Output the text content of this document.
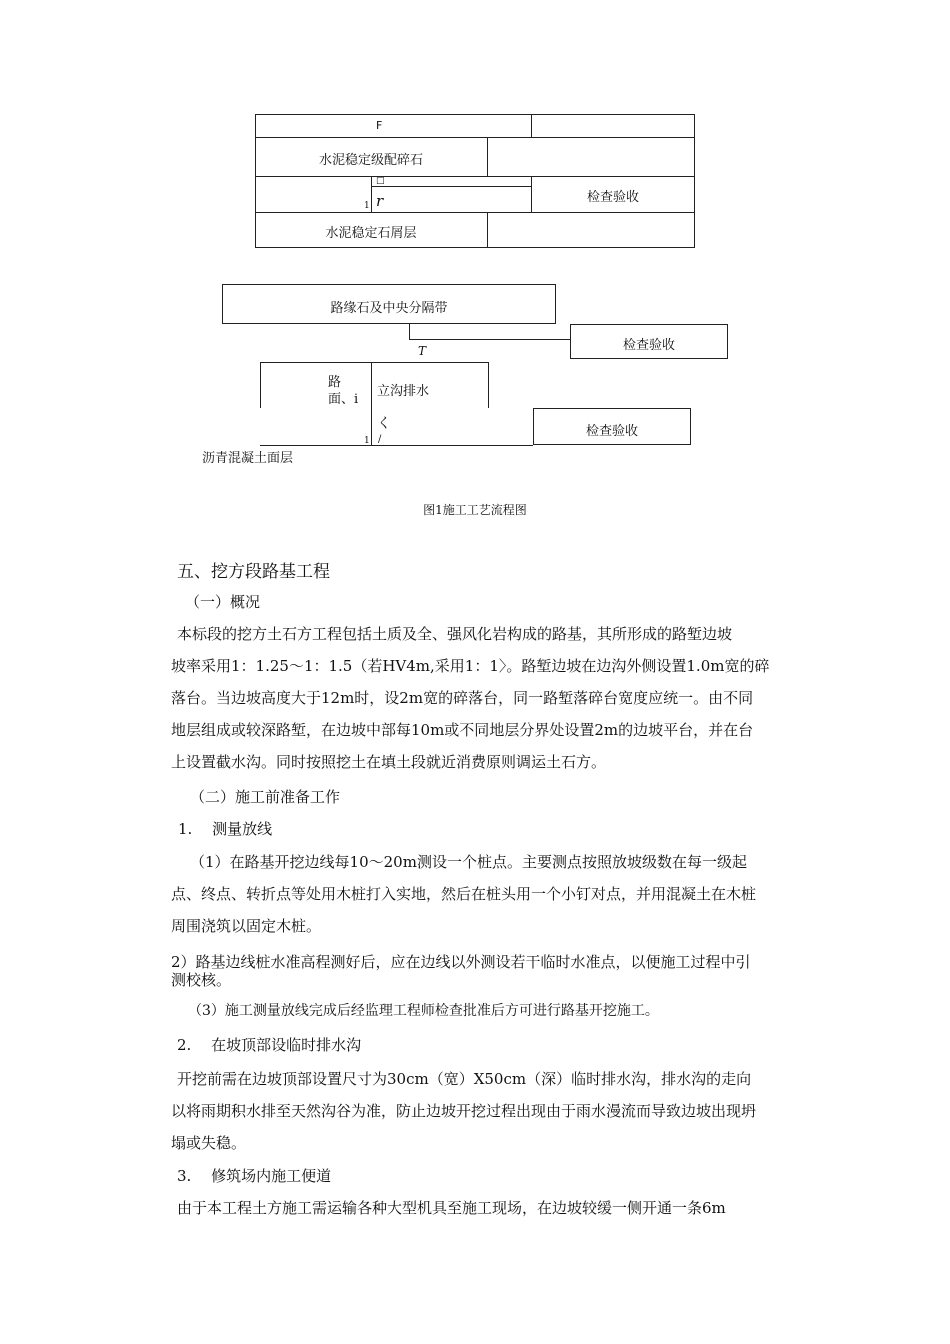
F
水泥稳定级配碎石
□
1 r	检查验收
水泥稳定石屑层
路缘石及中央分隔带
检查验收
T
路
面、i
立沟排水
く
1 /
检查验收
沥青混凝土面层
图1施工工艺流程图
五、挖方段路基工程
（一）概况
本标段的挖方土石方工程包括土质及全、强风化岩构成的路基，其所形成的路堑边坡
坡率采用1：1.25〜1：1.5（若HV4m,采用1：1〉。路堑边坡在边沟外侧设置1.0m宽的碎
落台。当边坡高度大于12m时，设2m宽的碎落台，同一路堑落碎台宽度应统一。由不同
地层组成或较深路堑，在边坡中部每10m或不同地层分界处设置2m的边坡平台，并在台
上设置截水沟。同时按照挖土在填土段就近消费原则调运土石方。
（二）施工前准备工作
1.　 测量放线
（1）在路基开挖边线每10〜20m测设一个桩点。主要测点按照放坡级数在每一级起
点、终点、转折点等处用木桩打入实地，然后在桩头用一个小钉对点，并用混凝土在木桩
周围浇筑以固定木桩。
2）路基边线桩水准高程测好后，应在边线以外测设若干临时水准点，以便施工过程中引
测校核。
（3）施工测量放线完成后经监理工程师检查批准后方可进行路基开挖施工。
2.　 在坡顶部设临时排水沟
开挖前需在边坡顶部设置尺寸为30cm（宽）X50cm（深）临时排水沟，排水沟的走向
以将雨期积水排至天然沟谷为准，防止边坡开挖过程出现由于雨水漫流而导致边坡出现坍
塌或失稳。
3.　 修筑场内施工便道
由于本工程土方施工需运输各种大型机具至施工现场，在边坡较缓一侧开通一条6m
